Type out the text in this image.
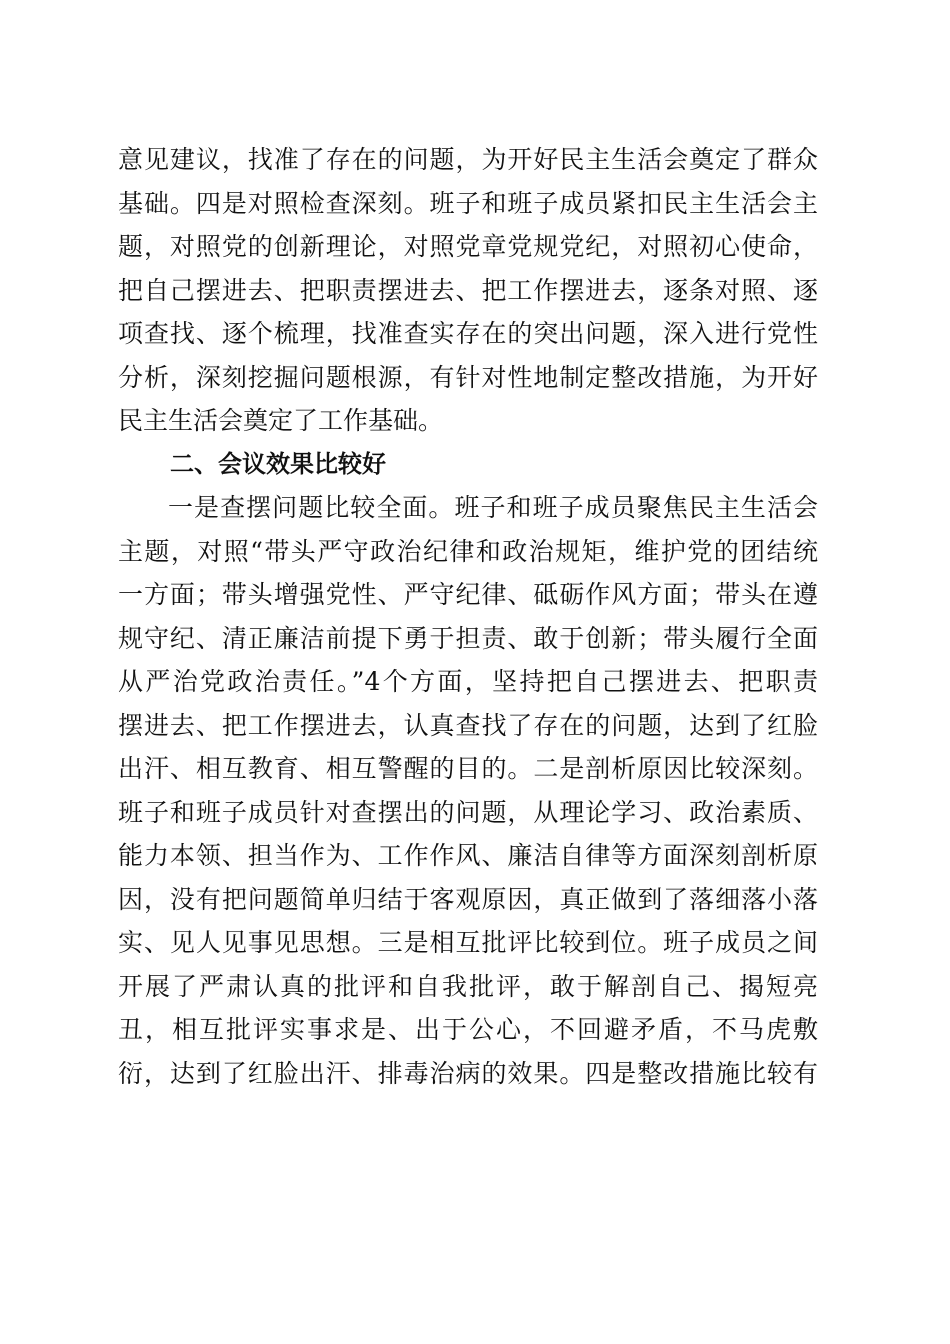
意见建议，找准了存在的问题，为开好民主生活会奠定了群众
基础。四是对照检查深刻。班子和班子成员紧扣民主生活会主
题，对照党的创新理论，对照党章党规党纪，对照初心使命，
把自己摆进去、把职责摆进去、把工作摆进去，逐条对照、逐
项查找、逐个梳理，找准查实存在的突出问题，深入进行党性
分析，深刻挖掘问题根源，有针对性地制定整改措施，为开好
民主生活会奠定了工作基础。
二、会议效果比较好
一是查摆问题比较全面。班子和班子成员聚焦民主生活会
主题，对照“带头严守政治纪律和政治规矩，维护党的团结统
一方面；带头增强党性、严守纪律、砥砺作风方面；带头在遵
规守纪、清正廉洁前提下勇于担责、敢于创新；带头履行全面
从严治党政治责任。”4个方面，坚持把自己摆进去、把职责
摆进去、把工作摆进去，认真查找了存在的问题，达到了红脸
出汗、相互教育、相互警醒的目的。二是剖析原因比较深刻。
班子和班子成员针对查摆出的问题，从理论学习、政治素质、
能力本领、担当作为、工作作风、廉洁自律等方面深刻剖析原
因，没有把问题简单归结于客观原因，真正做到了落细落小落
实、见人见事见思想。三是相互批评比较到位。班子成员之间
开展了严肃认真的批评和自我批评，敢于解剖自己、揭短亮
丑，相互批评实事求是、出于公心，不回避矛盾，不马虎敷
衍，达到了红脸出汗、排毒治病的效果。四是整改措施比较有
